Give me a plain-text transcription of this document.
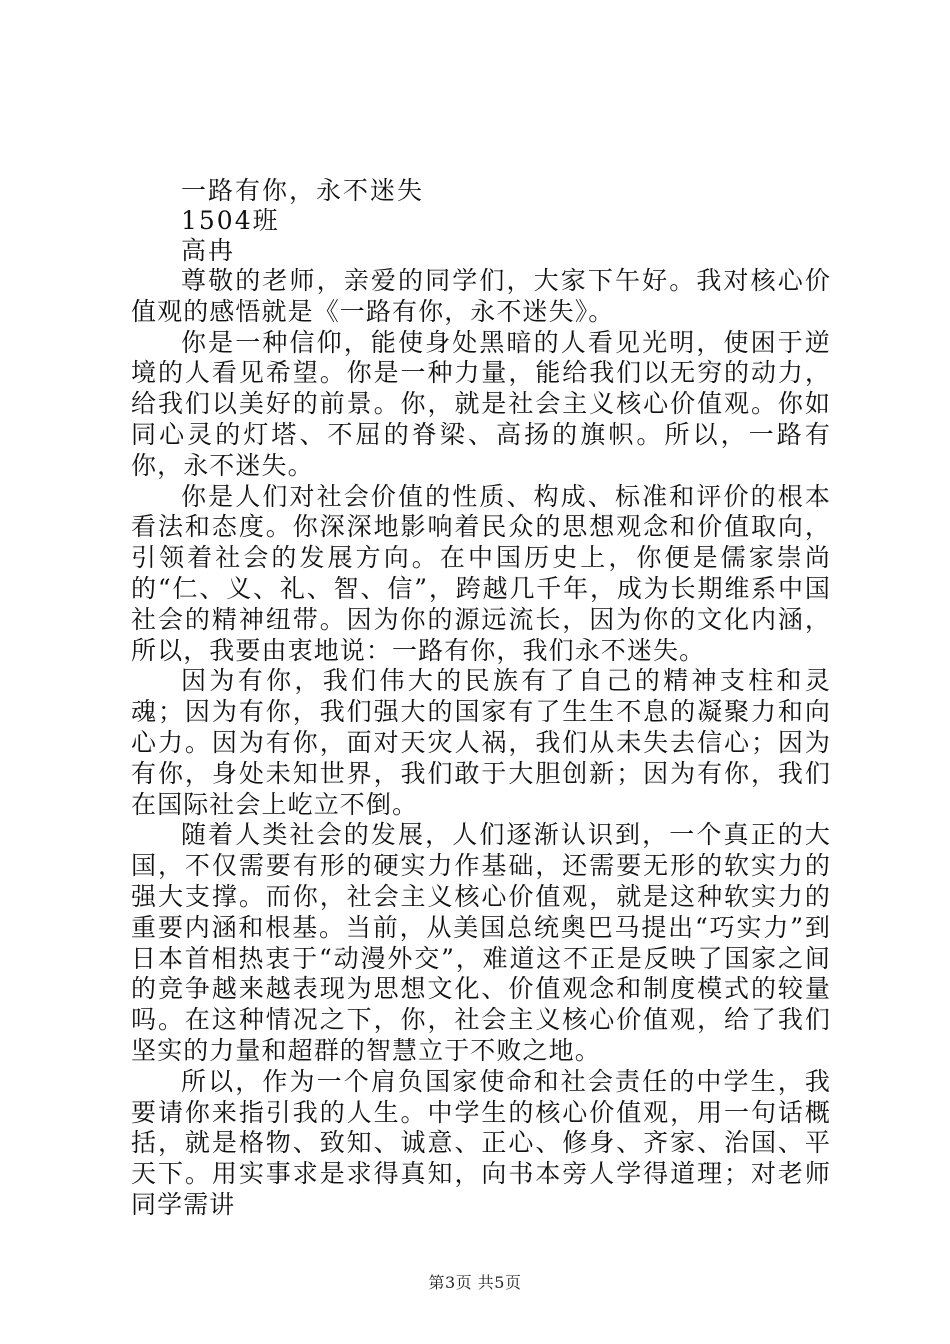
一路有你，永不迷失
1504班
高冉

尊敬的老师，亲爱的同学们，大家下午好。我对核心价值观的感悟就是《一路有你，永不迷失》。

你是一种信仰，能使身处黑暗的人看见光明，使困于逆境的人看见希望。你是一种力量，能给我们以无穷的动力，给我们以美好的前景。你，就是社会主义核心价值观。你如同心灵的灯塔、不屈的脊梁、高扬的旗帜。所以，一路有你，永不迷失。

你是人们对社会价值的性质、构成、标准和评价的根本看法和态度。你深深地影响着民众的思想观念和价值取向，引领着社会的发展方向。在中国历史上，你便是儒家崇尚的“仁、义、礼、智、信”，跨越几千年，成为长期维系中国社会的精神纽带。因为你的源远流长，因为你的文化内涵，所以，我要由衷地说：一路有你，我们永不迷失。

因为有你，我们伟大的民族有了自己的精神支柱和灵魂；因为有你，我们强大的国家有了生生不息的凝聚力和向心力。因为有你，面对天灾人祸，我们从未失去信心；因为有你，身处未知世界，我们敢于大胆创新；因为有你，我们在国际社会上屹立不倒。

随着人类社会的发展，人们逐渐认识到，一个真正的大国，不仅需要有形的硬实力作基础，还需要无形的软实力的强大支撑。而你，社会主义核心价值观，就是这种软实力的重要内涵和根基。当前，从美国总统奥巴马提出“巧实力”到日本首相热衷于“动漫外交”，难道这不正是反映了国家之间的竞争越来越表现为思想文化、价值观念和制度模式的较量吗。在这种情况之下，你，社会主义核心价值观，给了我们坚实的力量和超群的智慧立于不败之地。

所以，作为一个肩负国家使命和社会责任的中学生，我要请你来指引我的人生。中学生的核心价值观，用一句话概括，就是格物、致知、诚意、正心、修身、齐家、治国、平天下。用实事求是求得真知，向书本旁人学得道理；对老师同学需讲

第3页 共5页
